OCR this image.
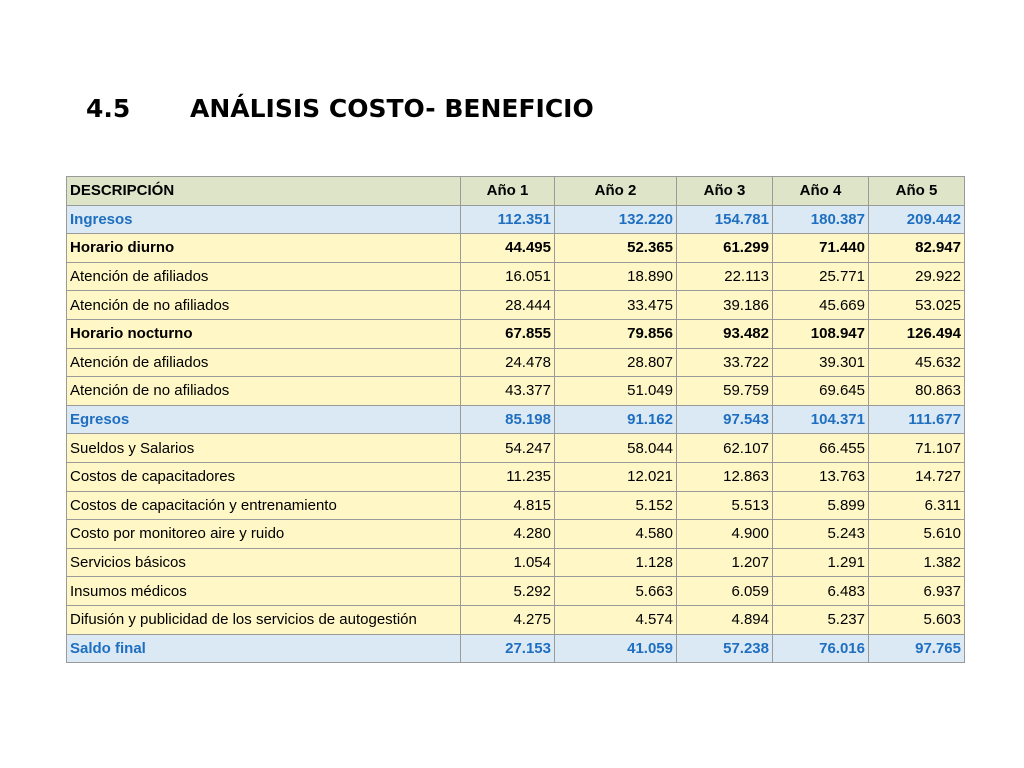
4.5 ANÁLISIS COSTO- BENEFICIO
DESCRIPCIÓN	Año 1	Año 2	Año 3	Año 4	Año 5
Ingresos	112.351	132.220	154.781	180.387	209.442
Horario diurno	44.495	52.365	61.299	71.440	82.947
Atención de afiliados	16.051	18.890	22.113	25.771	29.922
Atención de no afiliados	28.444	33.475	39.186	45.669	53.025
Horario nocturno	67.855	79.856	93.482	108.947	126.494
Atención de afiliados	24.478	28.807	33.722	39.301	45.632
Atención de no afiliados	43.377	51.049	59.759	69.645	80.863
Egresos	85.198	91.162	97.543	104.371	111.677
Sueldos y Salarios	54.247	58.044	62.107	66.455	71.107
Costos de capacitadores	11.235	12.021	12.863	13.763	14.727
Costos de capacitación y entrenamiento	4.815	5.152	5.513	5.899	6.311
Costo por monitoreo aire y ruido	4.280	4.580	4.900	5.243	5.610
Servicios básicos	1.054	1.128	1.207	1.291	1.382
Insumos médicos	5.292	5.663	6.059	6.483	6.937
Difusión y publicidad de los servicios de autogestión	4.275	4.574	4.894	5.237	5.603
Saldo final	27.153	41.059	57.238	76.016	97.765
